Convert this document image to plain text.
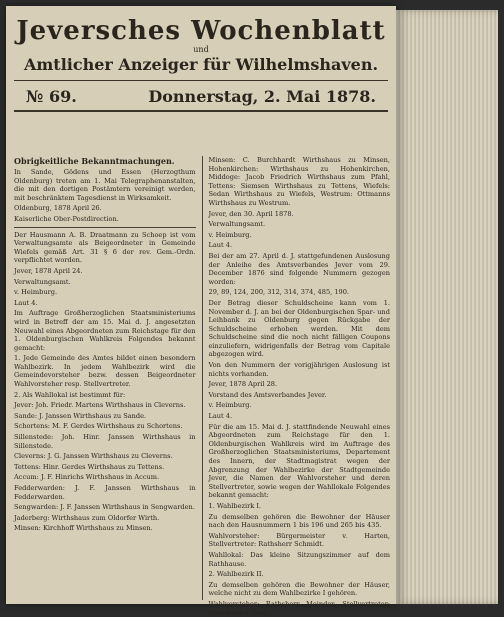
Jeversches Wochenblatt
und
Amtlicher Anzeiger für Wilhelmshaven.
№ 69.	Donnerstag, 2. Mai 1878.

Obrigkeitliche Bekanntmachungen.

In Sande, Gödens und Essen (Herzogthum Oldenburg) treten am 1. Mai Telegraphenanstalten, die mit den dortigen Postämtern vereinigt werden, mit beschränktem Tagesdienst in Wirksamkeit.

Oldenburg, 1878 April 26.

Kaiserliche Ober-Postdirection.

Der Hausmann A. B. Draatmann zu Schoep ist vom Verwaltungsamte als Beigeordneter in Gemeinde Wiefels gemäß Art. 31 § 6 der rev. Gem.-Ordn. verpflichtet worden.

Jever, 1878 April 24.

Verwaltungsamt.

v. Heimburg.

Laut 4.

Im Auftrage Großherzoglichen Staatsministeriums wird in Betreff der am 15. Mai d. J. angesetzten Neuwahl eines Abgeordneten zum Reichstage für den 1. Oldenburgischen Wahlkreis Folgendes bekannt gemacht:

1. Jede Gemeinde des Amtes bildet einen besondern Wahlbezirk. In jedem Wahlbezirk wird die Gemeindevorsteher bezw. dessen Beigeordneter Wahlvorsteher resp. Stellvertreter.

2. Als Wahllokal ist bestimmt für:

Jever: Joh. Friedr. Martens Wirthshaus in Cleverns.

Sande: J. Janssen Wirthshaus zu Sande.

Schortens: M. F. Gerdes Wirthshaus zu Schortens.

Sillenstede: Joh. Hinr. Janssen Wirthshaus in Sillenstede.

Cleverns: J. G. Janssen Wirthshaus zu Cleverns.

Tettens: Hinr. Gerdes Wirthshaus zu Tettens.

Accum: J. F. Hinrichs Wirthshaus in Accum.

Fedderwarden: J. F. Janssen Wirthshaus in Fedderwarden.

Sengwarden: J. F. Janssen Wirthshaus in Sengwarden.

Jaderberg: Wirthshaus zum Oldorfer Wirth.

Minsen: Kirchhoff Wirthshaus zu Minsen.

Minsen: C. Burchhardt Wirthshaus zu Minsen, Hohenkirchen: Wirthshaus zu Hohenkirchen, Middoge: Jacob Friedrich Wirthshaus zum Pfahl, Tettens: Siemsen Wirthshaus zu Tettens, Wiefels: Sedan Wirthshaus zu Wiefels, Westrum: Ottmanns Wirthshaus zu Westrum.

Jever, den 30. April 1878.

Verwaltungsamt.

v. Heimburg.

Laut 4.

Bei der am 27. April d. J. stattgefundenen Auslosung der Anleihe des Amtsverbandes Jever vom 29. December 1876 sind folgende Nummern gezogen worden:

29, 89, 124, 200, 312, 314, 374, 485, 190.

Der Betrag dieser Schuldscheine kann vom 1. November d. J. an bei der Oldenburgischen Spar- und Leihbank zu Oldenburg gegen Rückgabe der Schuldscheine erhoben werden. Mit dem Schuldscheine sind die noch nicht fälligen Coupons einzuliefern, widrigenfalls der Betrag vom Capitale abgezogen wird.

Von den Nummern der vorigjährigen Auslosung ist nichts vorhanden.

Jever, 1878 April 28.

Vorstand des Amtsverbandes Jever.

v. Heimburg.

Laut 4.

Für die am 15. Mai d. J. stattfindende Neuwahl eines Abgeordneten zum Reichstage für den 1. Oldenburgischen Wahlkreis wird im Auftrage des Großherzoglichen Staatsministeriums, Departement des Innern, der Stadtmagistrat wegen der Abgrenzung der Wahlbezirke der Stadtgemeinde Jever, die Namen der Wahlvorsteher und deren Stellvertreter, sowie wegen der Wahllokale Folgendes bekannt gemacht:

1. Wahlbezirk I.

Zu demselben gehören die Bewohner der Häuser nach den Hausnummern 1 bis 196 und 265 bis 435.

Wahlvorsteher: Bürgermeister v. Harten, Stellvertreter: Rathsherr Schmidt.

Wahllokal: Das kleine Sitzungszimmer auf dem Rathhause.

2. Wahlbezirk II.

Zu demselben gehören die Bewohner der Häuser, welche nicht zu dem Wahlbezirke I gehören.

Wahlvorsteher: Rathsherr Meinder, Stellvertreter: Rathsherr v. Glan.
